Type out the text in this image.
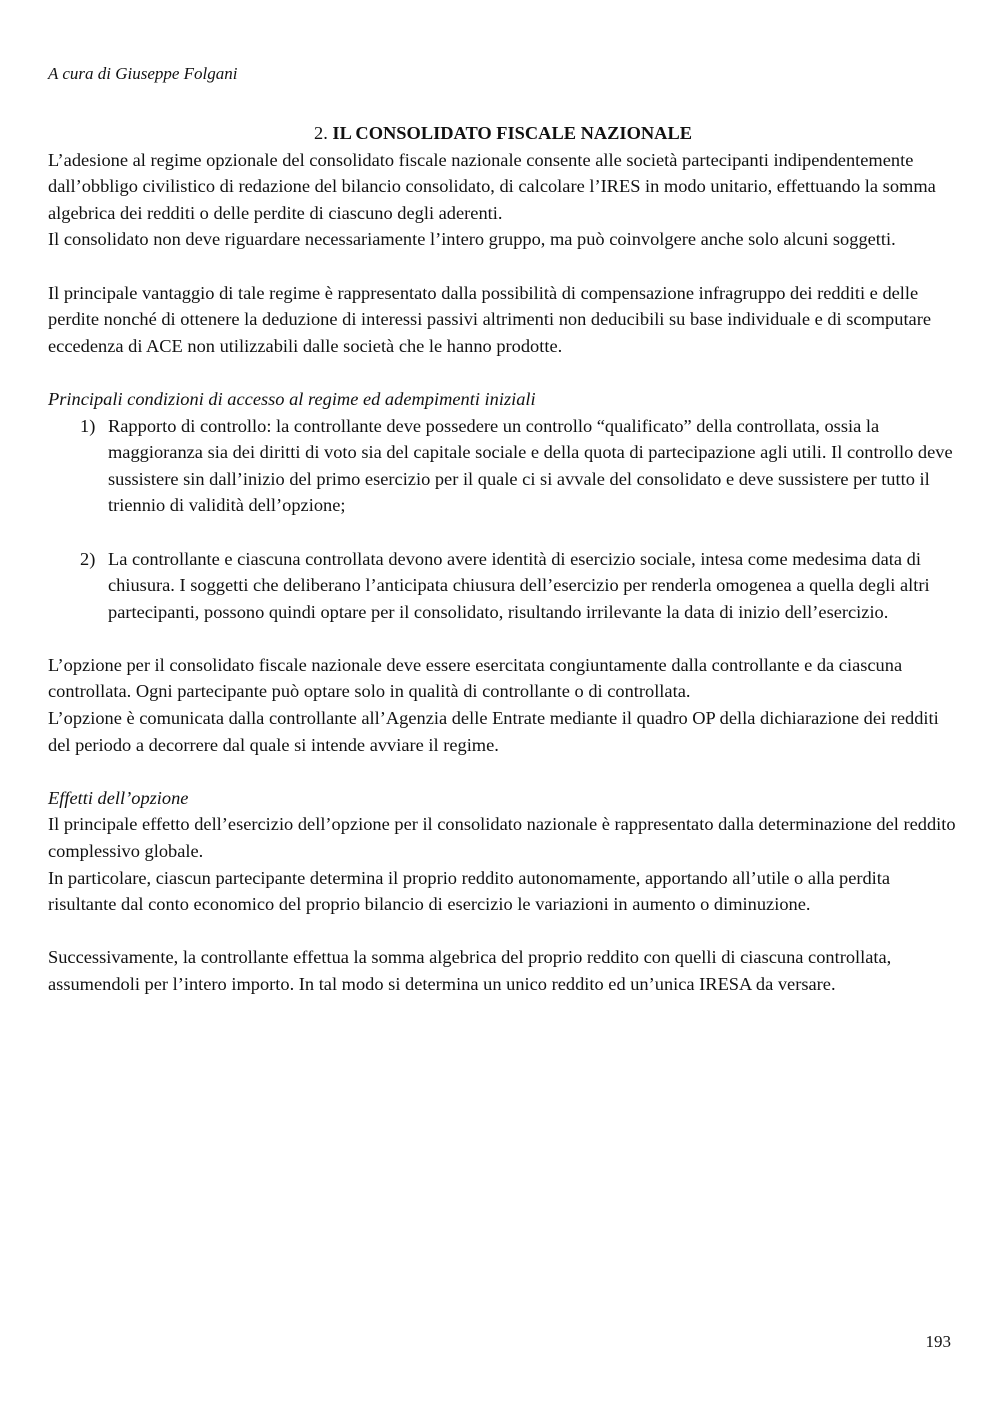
A cura di Giuseppe Folgani

2. IL CONSOLIDATO FISCALE NAZIONALE

L’adesione al regime opzionale del consolidato fiscale nazionale consente alle società partecipanti indipendentemente dall’obbligo civilistico di redazione del bilancio consolidato, di calcolare l’IRES in modo unitario, effettuando la somma algebrica dei redditi o delle perdite di ciascuno degli aderenti.

Il consolidato non deve riguardare necessariamente l’intero gruppo, ma può coinvolgere anche solo alcuni soggetti.

Il principale vantaggio di tale regime è rappresentato dalla possibilità di compensazione infragruppo dei redditi e delle perdite nonché di ottenere la deduzione di interessi passivi altrimenti non deducibili su base individuale e di scomputare eccedenza di ACE non utilizzabili dalle società che le hanno prodotte.

Principali condizioni di accesso al regime ed adempimenti iniziali

1) Rapporto di controllo: la controllante deve possedere un controllo “qualificato” della controllata, ossia la maggioranza sia dei diritti di voto sia del capitale sociale e della quota di partecipazione agli utili. Il controllo deve sussistere sin dall’inizio del primo esercizio per il quale ci si avvale del consolidato e deve sussistere per tutto il triennio di validità dell’opzione;
2) La controllante e ciascuna controllata devono avere identità di esercizio sociale, intesa come medesima data di chiusura. I soggetti che deliberano l’anticipata chiusura dell’esercizio per renderla omogenea a quella degli altri partecipanti, possono quindi optare per il consolidato, risultando irrilevante la data di inizio dell’esercizio.

L’opzione per il consolidato fiscale nazionale deve essere esercitata congiuntamente dalla controllante e da ciascuna controllata. Ogni partecipante può optare solo in qualità di controllante o di controllata.

L’opzione è comunicata dalla controllante all’Agenzia delle Entrate mediante il quadro OP della dichiarazione dei redditi del periodo a decorrere dal quale si intende avviare il regime.

Effetti dell’opzione

Il principale effetto dell’esercizio dell’opzione per il consolidato nazionale è rappresentato dalla determinazione del reddito complessivo globale.

In particolare, ciascun partecipante determina il proprio reddito autonomamente, apportando all’utile o alla perdita risultante dal conto economico del proprio bilancio di esercizio le variazioni in aumento o diminuzione.

Successivamente, la controllante effettua la somma algebrica del proprio reddito con quelli di ciascuna controllata, assumendoli per l’intero importo. In tal modo si determina un unico reddito ed un’unica IRESA da versare.

193
